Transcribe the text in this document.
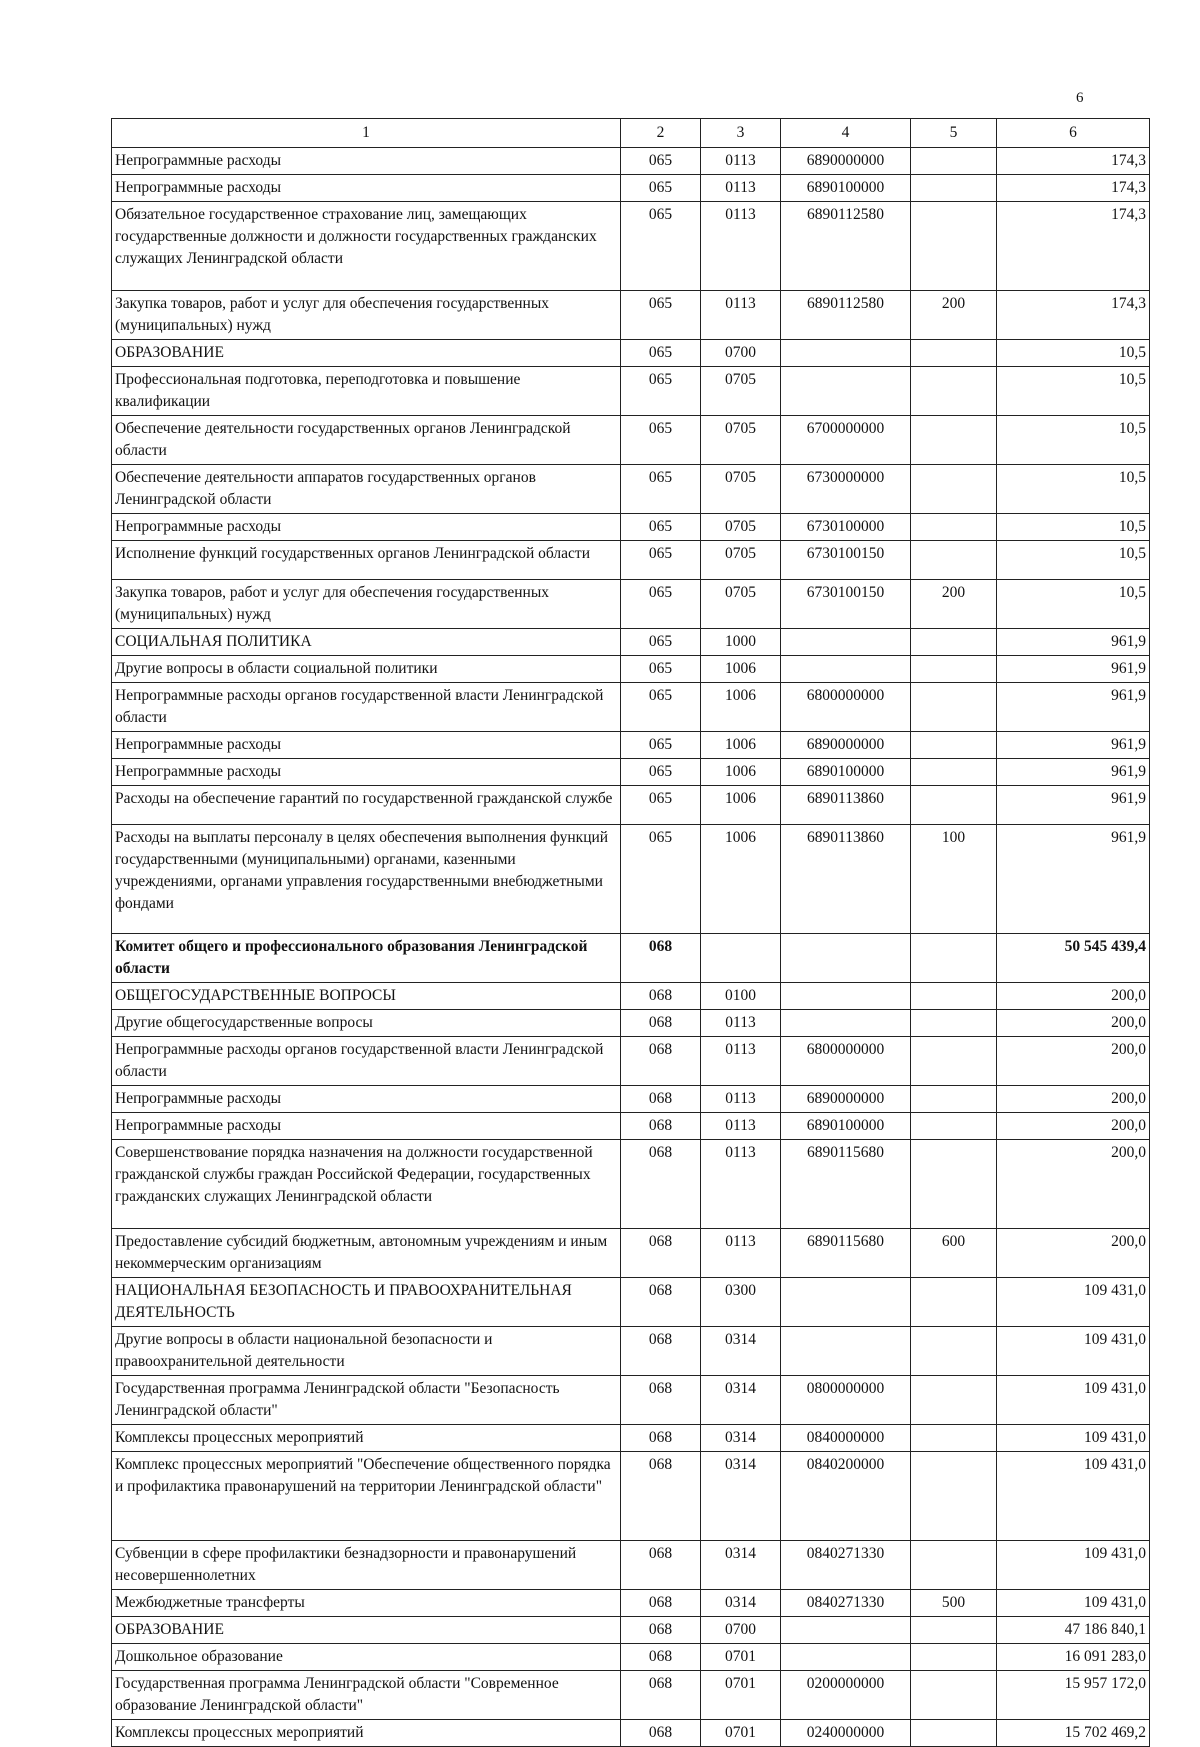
6
1	2	3	4	5	6
Непрограммные расходы	065	0113	6890000000		174,3
Непрограммные расходы	065	0113	6890100000		174,3
Обязательное государственное страхование лиц, замещающих государственные должности и должности государственных гражданских служащих Ленинградской области	065	0113	6890112580		174,3
Закупка товаров, работ и услуг для обеспечения государственных (муниципальных) нужд	065	0113	6890112580	200	174,3
ОБРАЗОВАНИЕ	065	0700			10,5
Профессиональная подготовка, переподготовка и повышение квалификации	065	0705			10,5
Обеспечение деятельности государственных органов Ленинградской области	065	0705	6700000000		10,5
Обеспечение деятельности аппаратов государственных органов Ленинградской области	065	0705	6730000000		10,5
Непрограммные расходы	065	0705	6730100000		10,5
Исполнение функций государственных органов Ленинградской области	065	0705	6730100150		10,5
Закупка товаров, работ и услуг для обеспечения государственных (муниципальных) нужд	065	0705	6730100150	200	10,5
СОЦИАЛЬНАЯ ПОЛИТИКА	065	1000			961,9
Другие вопросы в области социальной политики	065	1006			961,9
Непрограммные расходы органов государственной власти Ленинградской области	065	1006	6800000000		961,9
Непрограммные расходы	065	1006	6890000000		961,9
Непрограммные расходы	065	1006	6890100000		961,9
Расходы на обеспечение гарантий по государственной гражданской службе	065	1006	6890113860		961,9
Расходы на выплаты персоналу в целях обеспечения выполнения функций государственными (муниципальными) органами, казенными учреждениями, органами управления государственными внебюджетными фондами	065	1006	6890113860	100	961,9
Комитет общего и профессионального образования Ленинградской области	068				50 545 439,4
ОБЩЕГОСУДАРСТВЕННЫЕ ВОПРОСЫ	068	0100			200,0
Другие общегосударственные вопросы	068	0113			200,0
Непрограммные расходы органов государственной власти Ленинградской области	068	0113	6800000000		200,0
Непрограммные расходы	068	0113	6890000000		200,0
Непрограммные расходы	068	0113	6890100000		200,0
Совершенствование порядка назначения на должности государственной гражданской службы граждан Российской Федерации, государственных гражданских служащих Ленинградской области	068	0113	6890115680		200,0
Предоставление субсидий бюджетным, автономным учреждениям и иным некоммерческим организациям	068	0113	6890115680	600	200,0
НАЦИОНАЛЬНАЯ БЕЗОПАСНОСТЬ И ПРАВООХРАНИТЕЛЬНАЯ ДЕЯТЕЛЬНОСТЬ	068	0300			109 431,0
Другие вопросы в области национальной безопасности и правоохранительной деятельности	068	0314			109 431,0
Государственная программа Ленинградской области "Безопасность Ленинградской области"	068	0314	0800000000		109 431,0
Комплексы процессных мероприятий	068	0314	0840000000		109 431,0
Комплекс процессных мероприятий "Обеспечение общественного порядка и профилактика правонарушений на территории Ленинградской области"	068	0314	0840200000		109 431,0
Субвенции в сфере профилактики безнадзорности и правонарушений несовершеннолетних	068	0314	0840271330		109 431,0
Межбюджетные трансферты	068	0314	0840271330	500	109 431,0
ОБРАЗОВАНИЕ	068	0700			47 186 840,1
Дошкольное образование	068	0701			16 091 283,0
Государственная программа Ленинградской области "Современное образование Ленинградской области"	068	0701	0200000000		15 957 172,0
Комплексы процессных мероприятий	068	0701	0240000000		15 702 469,2
